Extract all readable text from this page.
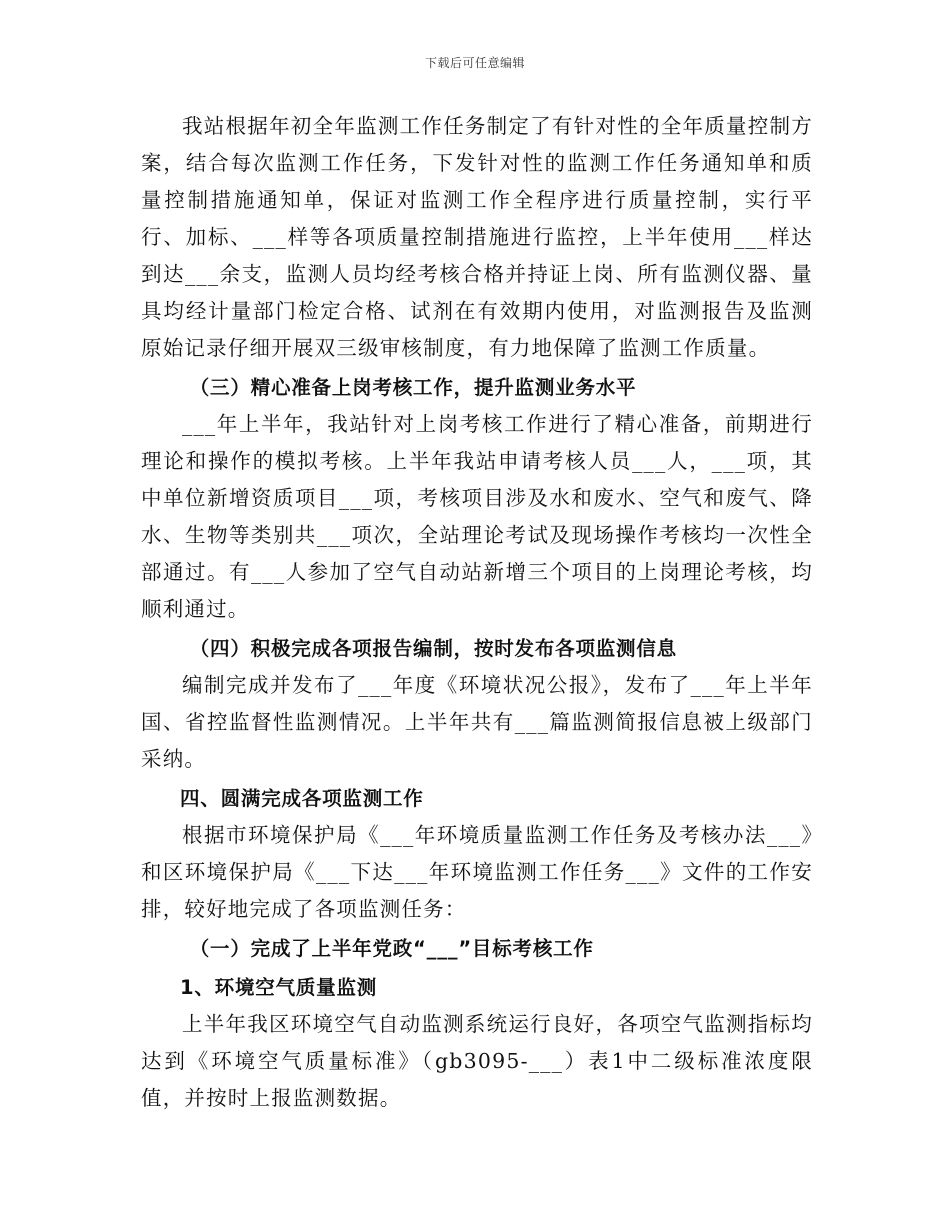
下载后可任意编辑

我站根据年初全年监测工作任务制定了有针对性的全年质量控制方案，结合每次监测工作任务，下发针对性的监测工作任务通知单和质量控制措施通知单，保证对监测工作全程序进行质量控制，实行平行、加标、___样等各项质量控制措施进行监控，上半年使用___样达到达___余支，监测人员均经考核合格并持证上岗、所有监测仪器、量具均经计量部门检定合格、试剂在有效期内使用，对监测报告及监测原始记录仔细开展双三级审核制度，有力地保障了监测工作质量。

（三）精心准备上岗考核工作，提升监测业务水平

___年上半年，我站针对上岗考核工作进行了精心准备，前期进行理论和操作的模拟考核。上半年我站申请考核人员___人，___项，其中单位新增资质项目___项，考核项目涉及水和废水、空气和废气、降水、生物等类别共___项次，全站理论考试及现场操作考核均一次性全部通过。有___人参加了空气自动站新增三个项目的上岗理论考核，均顺利通过。

（四）积极完成各项报告编制，按时发布各项监测信息

编制完成并发布了___年度《环境状况公报》，发布了___年上半年国、省控监督性监测情况。上半年共有___篇监测简报信息被上级部门采纳。

四、圆满完成各项监测工作

根据市环境保护局《___年环境质量监测工作任务及考核办法___》和区环境保护局《___下达___年环境监测工作任务___》文件的工作安排，较好地完成了各项监测任务：

（一）完成了上半年党政“___”目标考核工作

1、环境空气质量监测

上半年我区环境空气自动监测系统运行良好，各项空气监测指标均达到《环境空气质量标准》（gb3095-___）表1中二级标准浓度限值，并按时上报监测数据。
